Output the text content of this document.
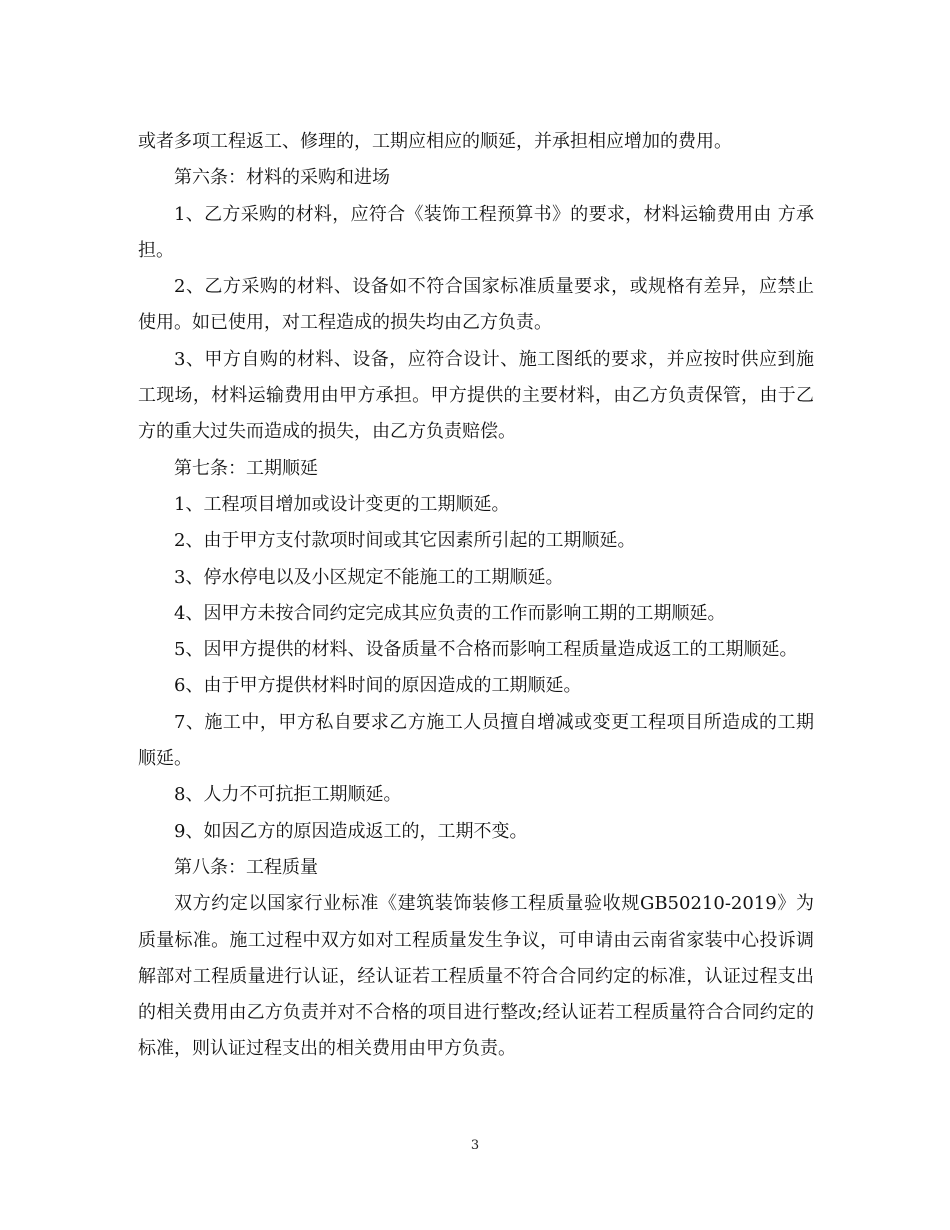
或者多项工程返工、修理的，工期应相应的顺延，并承担相应增加的费用。

第六条：材料的采购和进场

1、乙方采购的材料，应符合《装饰工程预算书》的要求，材料运输费用由 方承担。

2、乙方采购的材料、设备如不符合国家标准质量要求，或规格有差异，应禁止使用。如已使用，对工程造成的损失均由乙方负责。

3、甲方自购的材料、设备，应符合设计、施工图纸的要求，并应按时供应到施工现场，材料运输费用由甲方承担。甲方提供的主要材料，由乙方负责保管，由于乙方的重大过失而造成的损失，由乙方负责赔偿。

第七条：工期顺延

1、工程项目增加或设计变更的工期顺延。

2、由于甲方支付款项时间或其它因素所引起的工期顺延。

3、停水停电以及小区规定不能施工的工期顺延。

4、因甲方未按合同约定完成其应负责的工作而影响工期的工期顺延。

5、因甲方提供的材料、设备质量不合格而影响工程质量造成返工的工期顺延。

6、由于甲方提供材料时间的原因造成的工期顺延。

7、施工中，甲方私自要求乙方施工人员擅自增减或变更工程项目所造成的工期顺延。

8、人力不可抗拒工期顺延。

9、如因乙方的原因造成返工的，工期不变。

第八条：工程质量

双方约定以国家行业标准《建筑装饰装修工程质量验收规GB50210-2019》为质量标准。施工过程中双方如对工程质量发生争议，可申请由云南省家装中心投诉调解部对工程质量进行认证，经认证若工程质量不符合合同约定的标准，认证过程支出的相关费用由乙方负责并对不合格的项目进行整改;经认证若工程质量符合合同约定的标准，则认证过程支出的相关费用由甲方负责。

3
